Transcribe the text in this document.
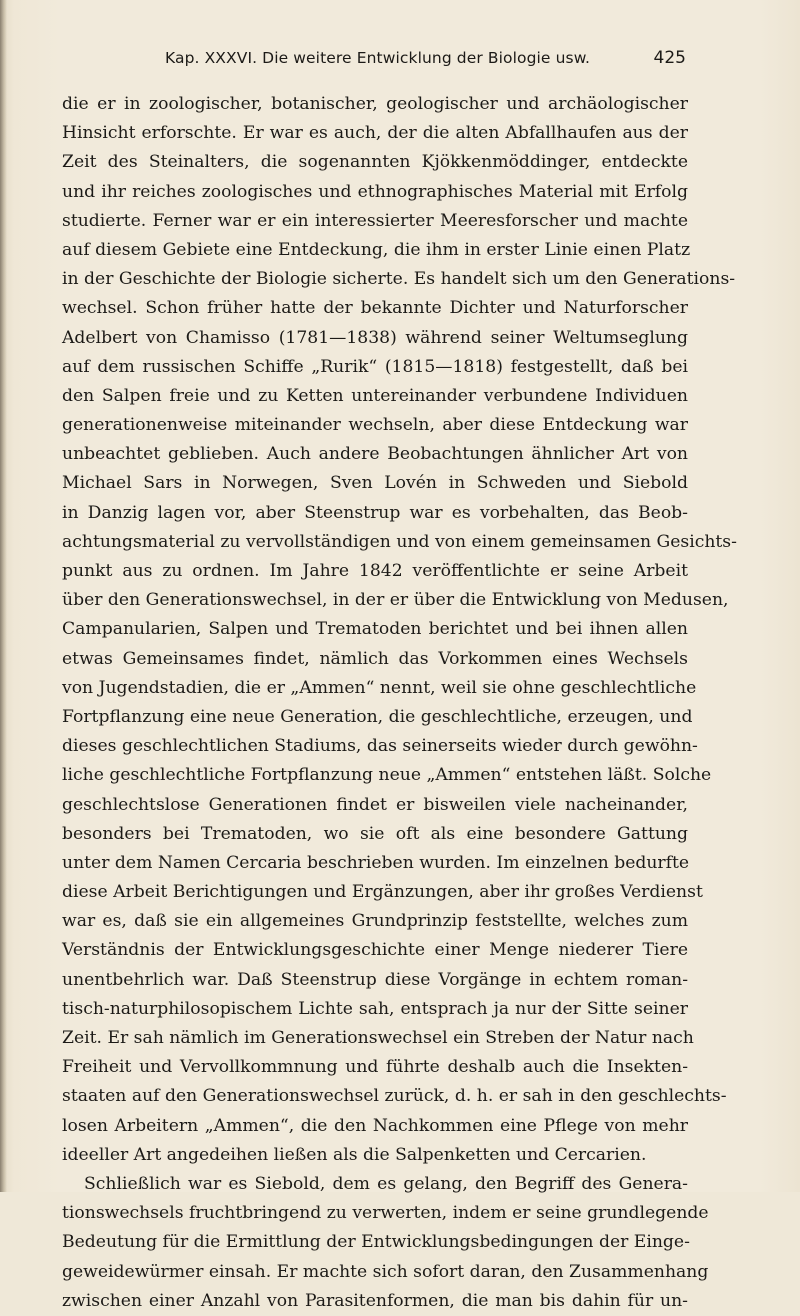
Kap. XXXVI. Die weitere Entwicklung der Biologie usw.	425
die er in zoologischer, botanischer, geologischer und archäologischer
Hinsicht erforschte. Er war es auch, der die alten Abfallhaufen aus der
Zeit des Steinalters, die sogenannten Kjökkenmöddinger, entdeckte
und ihr reiches zoologisches und ethnographisches Material mit Erfolg
studierte. Ferner war er ein interessierter Meeresforscher und machte
auf diesem Gebiete eine Entdeckung, die ihm in erster Linie einen Platz
in der Geschichte der Biologie sicherte. Es handelt sich um den Generations-
wechsel. Schon früher hatte der bekannte Dichter und Naturforscher
Adelbert von Chamisso (1781—1838) während seiner Weltumseglung
auf dem russischen Schiffe „Rurik“ (1815—1818) festgestellt, daß bei
den Salpen freie und zu Ketten untereinander verbundene Individuen
generationenweise miteinander wechseln, aber diese Entdeckung war
unbeachtet geblieben. Auch andere Beobachtungen ähnlicher Art von
Michael Sars in Norwegen, Sven Lovén in Schweden und Siebold
in Danzig lagen vor, aber Steenstrup war es vorbehalten, das Beob-
achtungsmaterial zu vervollständigen und von einem gemeinsamen Gesichts-
punkt aus zu ordnen. Im Jahre 1842 veröffentlichte er seine Arbeit
über den Generationswechsel, in der er über die Entwicklung von Medusen,
Campanularien, Salpen und Trematoden berichtet und bei ihnen allen
etwas Gemeinsames findet, nämlich das Vorkommen eines Wechsels
von Jugendstadien, die er „Ammen“ nennt, weil sie ohne geschlechtliche
Fortpflanzung eine neue Generation, die geschlechtliche, erzeugen, und
dieses geschlechtlichen Stadiums, das seinerseits wieder durch gewöhn-
liche geschlechtliche Fortpflanzung neue „Ammen“ entstehen läßt. Solche
geschlechtslose Generationen findet er bisweilen viele nacheinander,
besonders bei Trematoden, wo sie oft als eine besondere Gattung
unter dem Namen Cercaria beschrieben wurden. Im einzelnen bedurfte
diese Arbeit Berichtigungen und Ergänzungen, aber ihr großes Verdienst
war es, daß sie ein allgemeines Grundprinzip feststellte, welches zum
Verständnis der Entwicklungsgeschichte einer Menge niederer Tiere
unentbehrlich war. Daß Steenstrup diese Vorgänge in echtem roman-
tisch-naturphilosopischem Lichte sah, entsprach ja nur der Sitte seiner
Zeit. Er sah nämlich im Generationswechsel ein Streben der Natur nach
Freiheit und Vervollkommnung und führte deshalb auch die Insekten-
staaten auf den Generationswechsel zurück, d. h. er sah in den geschlechts-
losen Arbeitern „Ammen“, die den Nachkommen eine Pflege von mehr
ideeller Art angedeihen ließen als die Salpenketten und Cercarien.
Schließlich war es Siebold, dem es gelang, den Begriff des Genera-
tionswechsels fruchtbringend zu verwerten, indem er seine grundlegende
Bedeutung für die Ermittlung der Entwicklungsbedingungen der Einge-
geweidewürmer einsah. Er machte sich sofort daran, den Zusammenhang
zwischen einer Anzahl von Parasitenformen, die man bis dahin für un-
